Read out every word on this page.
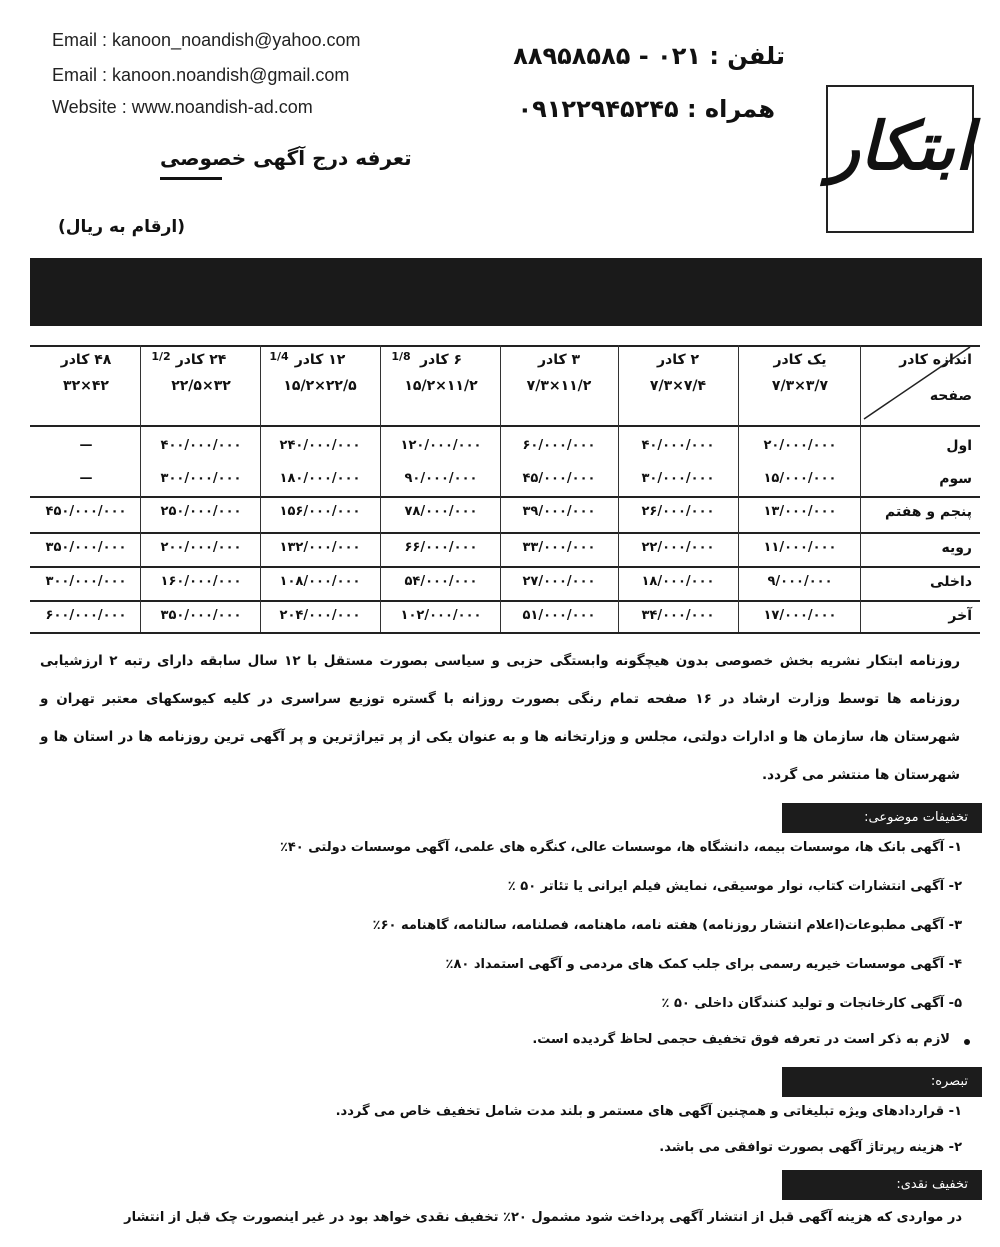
Email : kanoon_noandish@yahoo.com
Email : kanoon.noandish@gmail.com
Website : www.noandish-ad.com
تلفن : ۰۲۱ - ۸۸۹۵۸۵۸۵
همراه : ۰۹۱۲۲۹۴۵۲۴۵ ابتکار
تعرفه درج آگهی خصوصی
(ارقام به ریال)
اندازه کادر
صفحه
یک کادر
۳/۷×۷/۳
۲ کادر
۷/۴×۷/۳
۳ کادر
۱۱/۲×۷/۳
۶ کادر
۱۱/۲×۱۵/۲
1/8
۱۲ کادر
۲۲/۵×۱۵/۲
1/4
۲۴ کادر
۳۲×۲۲/۵
1/2
۴۸ کادر
۴۲×۳۲
اول
۲۰/۰۰۰/۰۰۰
۴۰/۰۰۰/۰۰۰
۶۰/۰۰۰/۰۰۰
۱۲۰/۰۰۰/۰۰۰
۲۴۰/۰۰۰/۰۰۰
۴۰۰/۰۰۰/۰۰۰
—
سوم
۱۵/۰۰۰/۰۰۰
۳۰/۰۰۰/۰۰۰
۴۵/۰۰۰/۰۰۰
۹۰/۰۰۰/۰۰۰
۱۸۰/۰۰۰/۰۰۰
۳۰۰/۰۰۰/۰۰۰
—
پنجم و هفتم
۱۳/۰۰۰/۰۰۰
۲۶/۰۰۰/۰۰۰
۳۹/۰۰۰/۰۰۰
۷۸/۰۰۰/۰۰۰
۱۵۶/۰۰۰/۰۰۰
۲۵۰/۰۰۰/۰۰۰
۴۵۰/۰۰۰/۰۰۰
رویه
۱۱/۰۰۰/۰۰۰
۲۲/۰۰۰/۰۰۰
۳۳/۰۰۰/۰۰۰
۶۶/۰۰۰/۰۰۰
۱۳۲/۰۰۰/۰۰۰
۲۰۰/۰۰۰/۰۰۰
۳۵۰/۰۰۰/۰۰۰
داخلی
۹/۰۰۰/۰۰۰
۱۸/۰۰۰/۰۰۰
۲۷/۰۰۰/۰۰۰
۵۴/۰۰۰/۰۰۰
۱۰۸/۰۰۰/۰۰۰
۱۶۰/۰۰۰/۰۰۰
۳۰۰/۰۰۰/۰۰۰
آخر
۱۷/۰۰۰/۰۰۰
۳۴/۰۰۰/۰۰۰
۵۱/۰۰۰/۰۰۰
۱۰۲/۰۰۰/۰۰۰
۲۰۴/۰۰۰/۰۰۰
۳۵۰/۰۰۰/۰۰۰
۶۰۰/۰۰۰/۰۰۰
روزنامه ابتکار نشریه بخش خصوصی بدون هیچگونه وابستگی حزبی و سیاسی بصورت مستقل با ۱۲ سال سابقه دارای رتبه ۲ ارزشیابی روزنامه ها توسط وزارت ارشاد در ۱۶ صفحه تمام رنگی بصورت روزانه با گستره توزیع سراسری در کلیه کیوسکهای معتبر تهران و شهرستان ها، سازمان ها و ادارات دولتی، مجلس و وزارتخانه ها و به عنوان یکی از پر تیراژترین و پر آگهی ترین روزنامه ها در استان ها و شهرستان ها منتشر می گردد.
تخفیفات موضوعی:
۱- آگهی بانک ها، موسسات بیمه، دانشگاه ها، موسسات عالی، کنگره های علمی، آگهی موسسات دولتی ۴۰٪
۲- آگهی انتشارات کتاب، نوار موسیقی، نمایش فیلم ایرانی یا تئاتر ۵۰ ٪
۳- آگهی مطبوعات(اعلام انتشار روزنامه) هفته نامه، ماهنامه، فصلنامه، سالنامه، گاهنامه ۶۰٪
۴- آگهی موسسات خیریه رسمی برای جلب کمک های مردمی و آگهی استمداد ۸۰٪
۵- آگهی کارخانجات و تولید کنندگان داخلی ۵۰ ٪
لازم به ذکر است در تعرفه فوق تخفیف حجمی لحاظ گردیده است.
تبصره:
۱- قراردادهای ویژه تبلیغاتی و همچنین آگهی های مستمر و بلند مدت شامل تخفیف خاص می گردد.
۲- هزینه رپرتاژ آگهی بصورت توافقی می باشد.
تخفیف نقدی:
در مواردی که هزینه آگهی قبل از انتشار آگهی پرداخت شود مشمول ۲۰٪ تخفیف نقدی خواهد بود در غیر اینصورت چک قبل از انتشار
